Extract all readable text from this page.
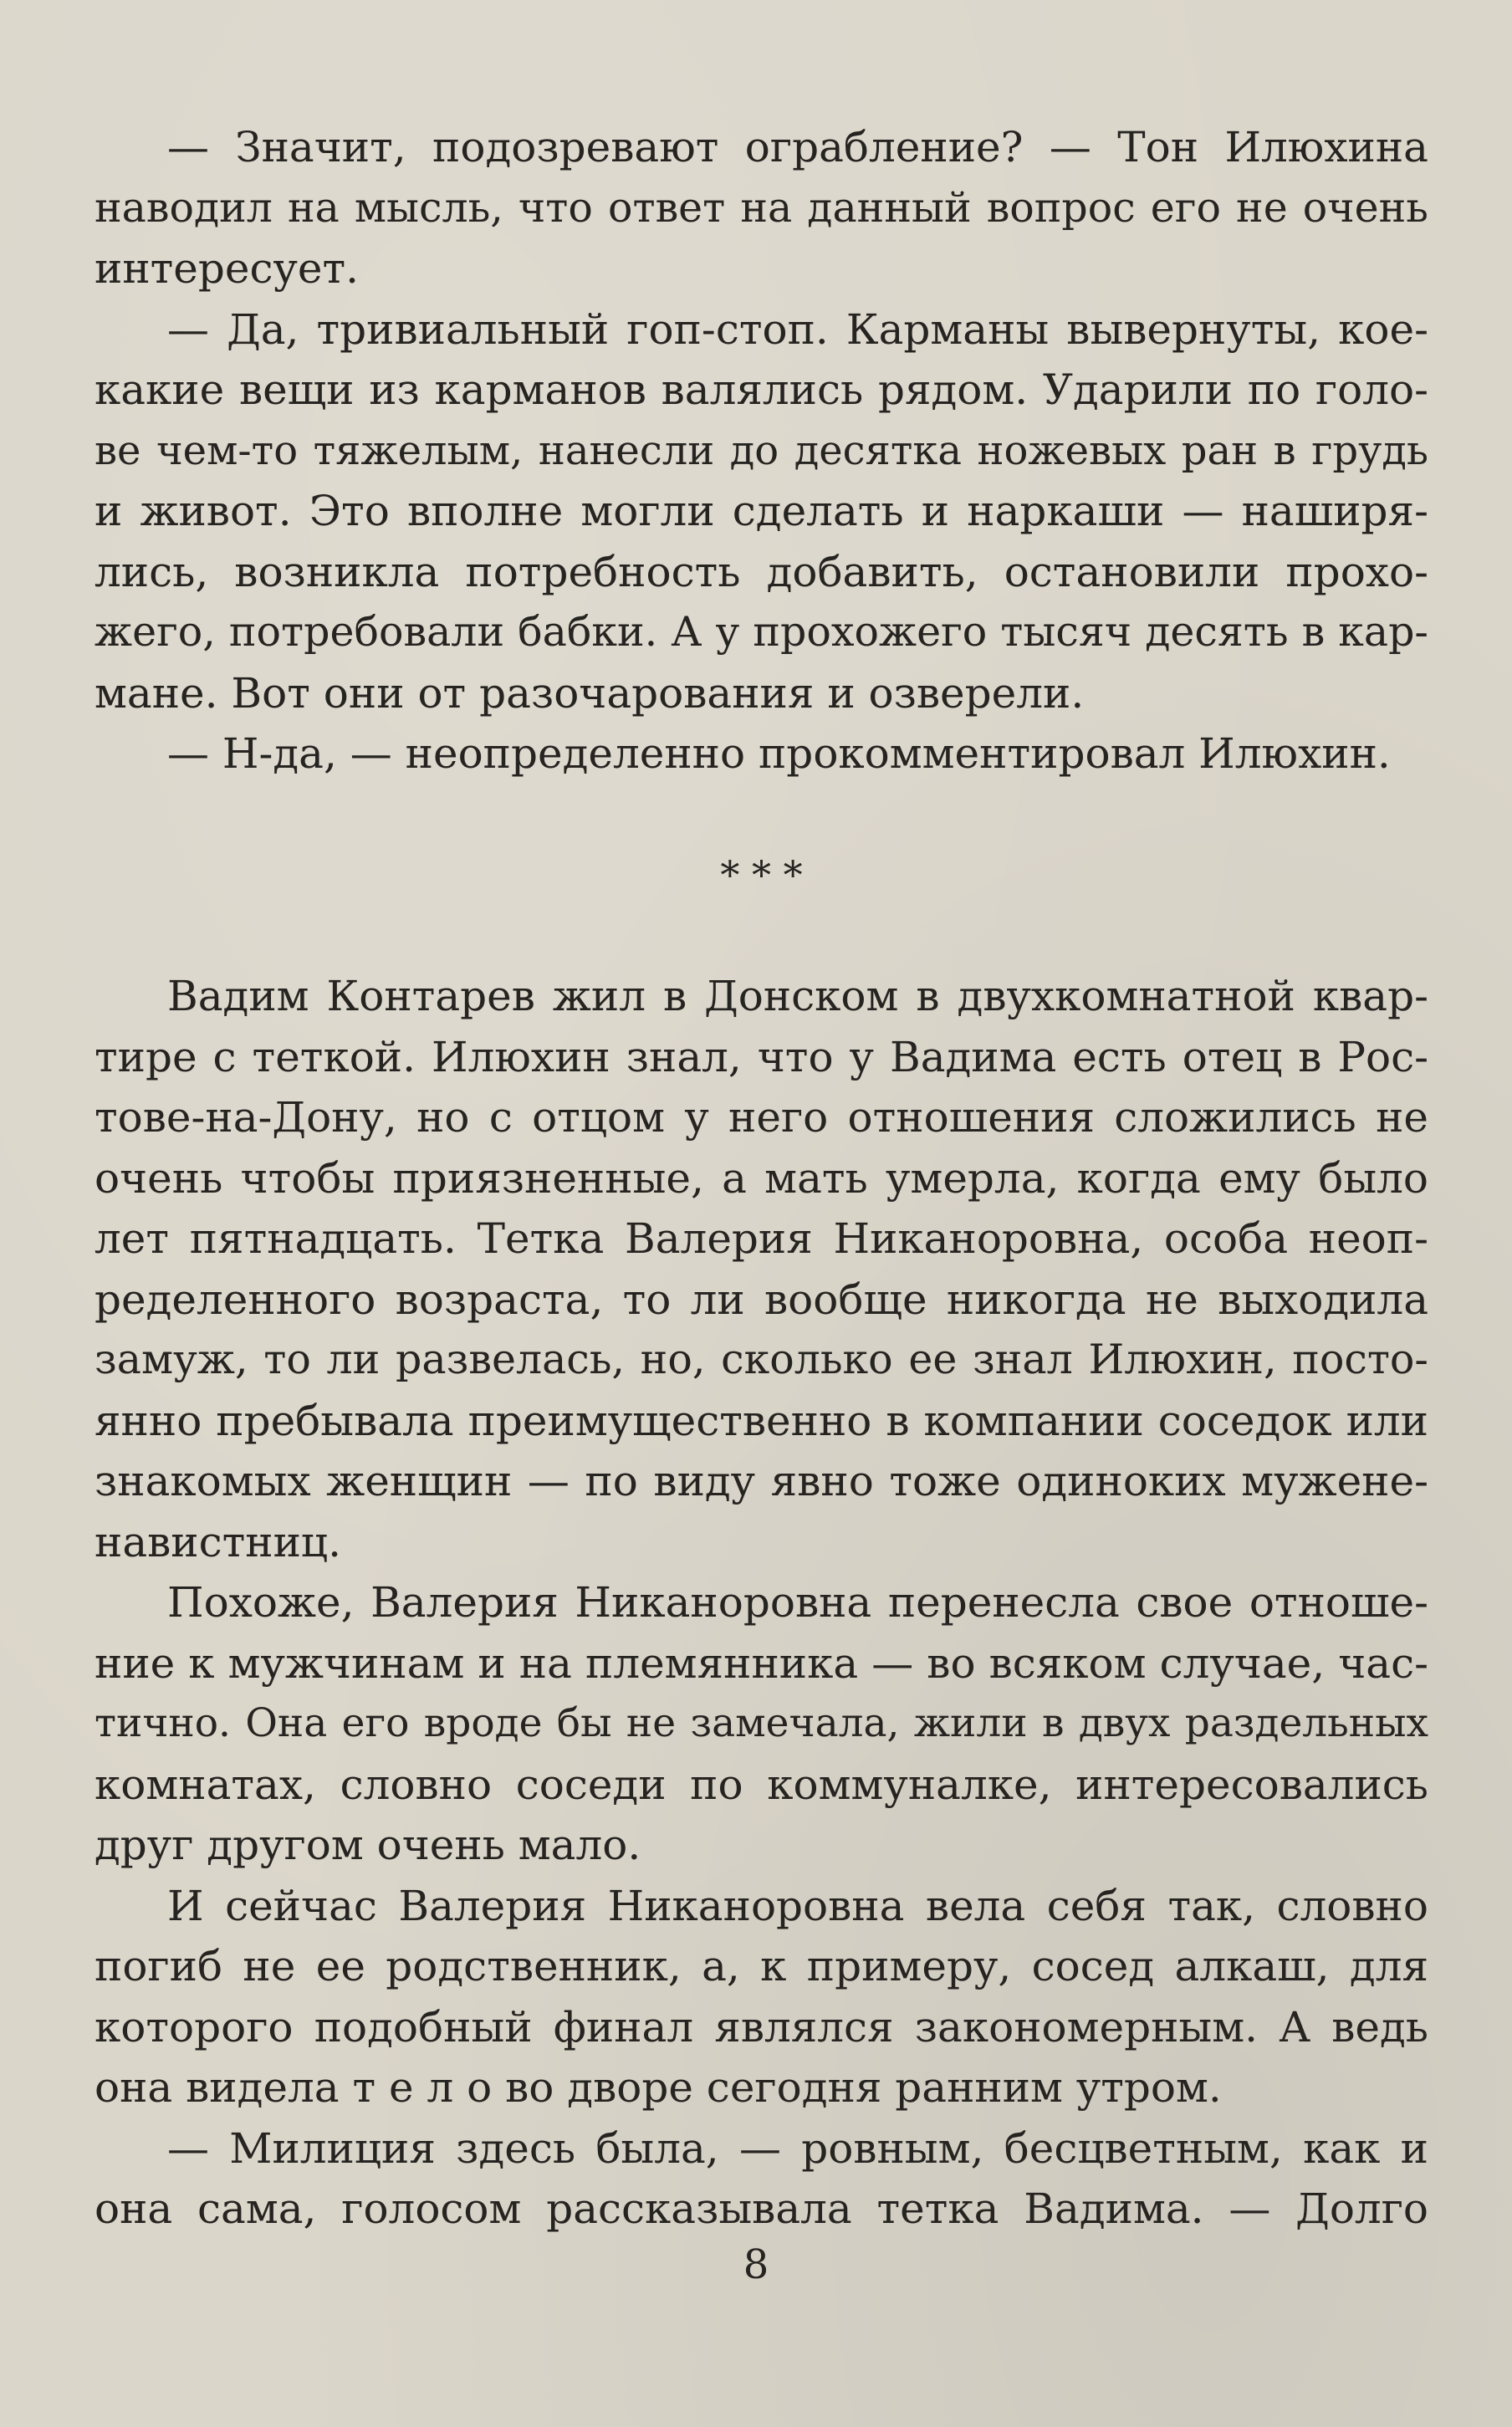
— Значит, подозревают ограбление? — Тон Илюхина
наводил на мысль, что ответ на данный вопрос его не очень
интересует.
— Да, тривиальный гоп-стоп. Карманы вывернуты, кое-
какие вещи из карманов валялись рядом. Ударили по голо-
ве чем-то тяжелым, нанесли до десятка ножевых ран в грудь
и живот. Это вполне могли сделать и наркаши — наширя-
лись, возникла потребность добавить, остановили прохо-
жего, потребовали бабки. А у прохожего тысяч десять в кар-
мане. Вот они от разочарования и озверели.
— Н-да, — неопределенно прокомментировал Илюхин.
* * *
Вадим Контарев жил в Донском в двухкомнатной квар-
тире с теткой. Илюхин знал, что у Вадима есть отец в Рос-
тове-на-Дону, но с отцом у него отношения сложились не
очень чтобы приязненные, а мать умерла, когда ему было
лет пятнадцать. Тетка Валерия Никаноровна, особа неоп-
ределенного возраста, то ли вообще никогда не выходила
замуж, то ли развелась, но, сколько ее знал Илюхин, посто-
янно пребывала преимущественно в компании соседок или
знакомых женщин — по виду явно тоже одиноких мужене-
навистниц.
Похоже, Валерия Никаноровна перенесла свое отноше-
ние к мужчинам и на племянника — во всяком случае, час-
тично. Она его вроде бы не замечала, жили в двух раздельных
комнатах, словно соседи по коммуналке, интересовались
друг другом очень мало.
И сейчас Валерия Никаноровна вела себя так, словно
погиб не ее родственник, а, к примеру, сосед алкаш, для
которого подобный финал являлся закономерным. А ведь
она видела т е л о во дворе сегодня ранним утром.
— Милиция здесь была, — ровным, бесцветным, как и
она сама, голосом рассказывала тетка Вадима. — Долго
8
